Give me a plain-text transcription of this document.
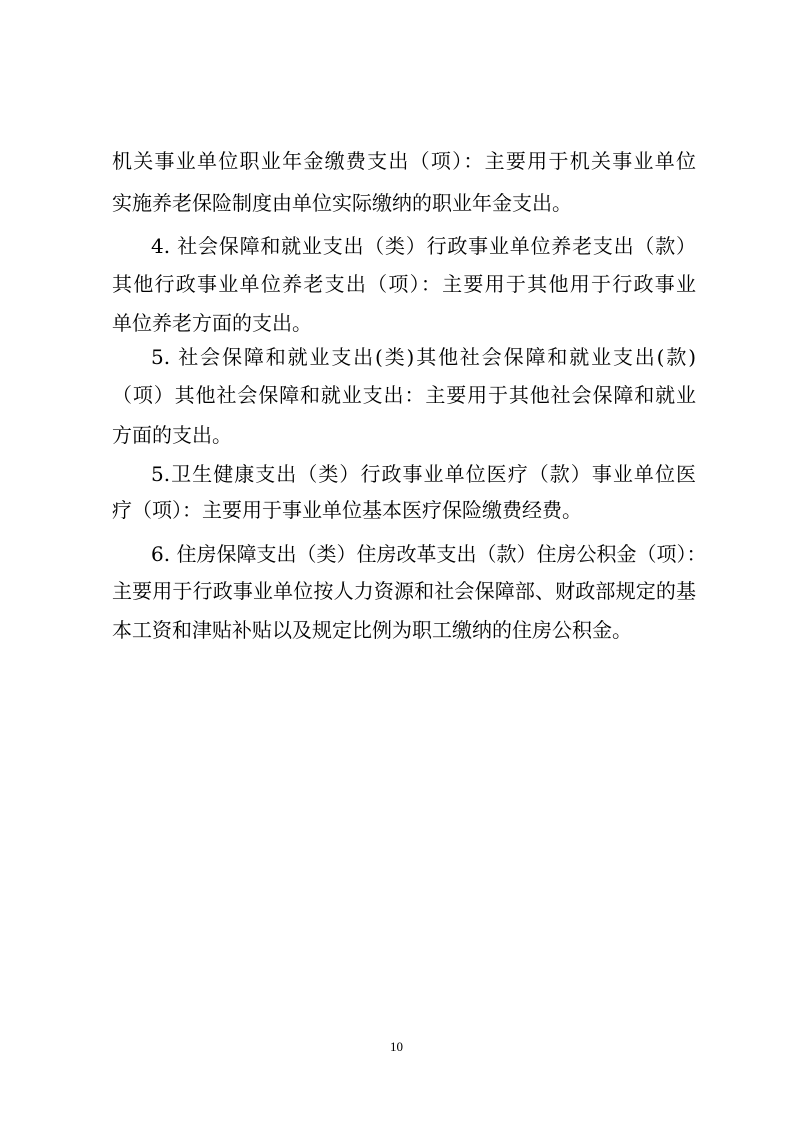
机关事业单位职业年金缴费支出（项）：主要用于机关事业单位
实施养老保险制度由单位实际缴纳的职业年金支出。
4. 社会保障和就业支出（类）行政事业单位养老支出（款）
其他行政事业单位养老支出（项）：主要用于其他用于行政事业
单位养老方面的支出。
5. 社会保障和就业支出(类)其他社会保障和就业支出(款)
（项）其他社会保障和就业支出：主要用于其他社会保障和就业
方面的支出。
5.卫生健康支出（类）行政事业单位医疗（款）事业单位医
疗（项）：主要用于事业单位基本医疗保险缴费经费。
6. 住房保障支出（类）住房改革支出（款）住房公积金（项）：
主要用于行政事业单位按人力资源和社会保障部、财政部规定的基
本工资和津贴补贴以及规定比例为职工缴纳的住房公积金。
10
